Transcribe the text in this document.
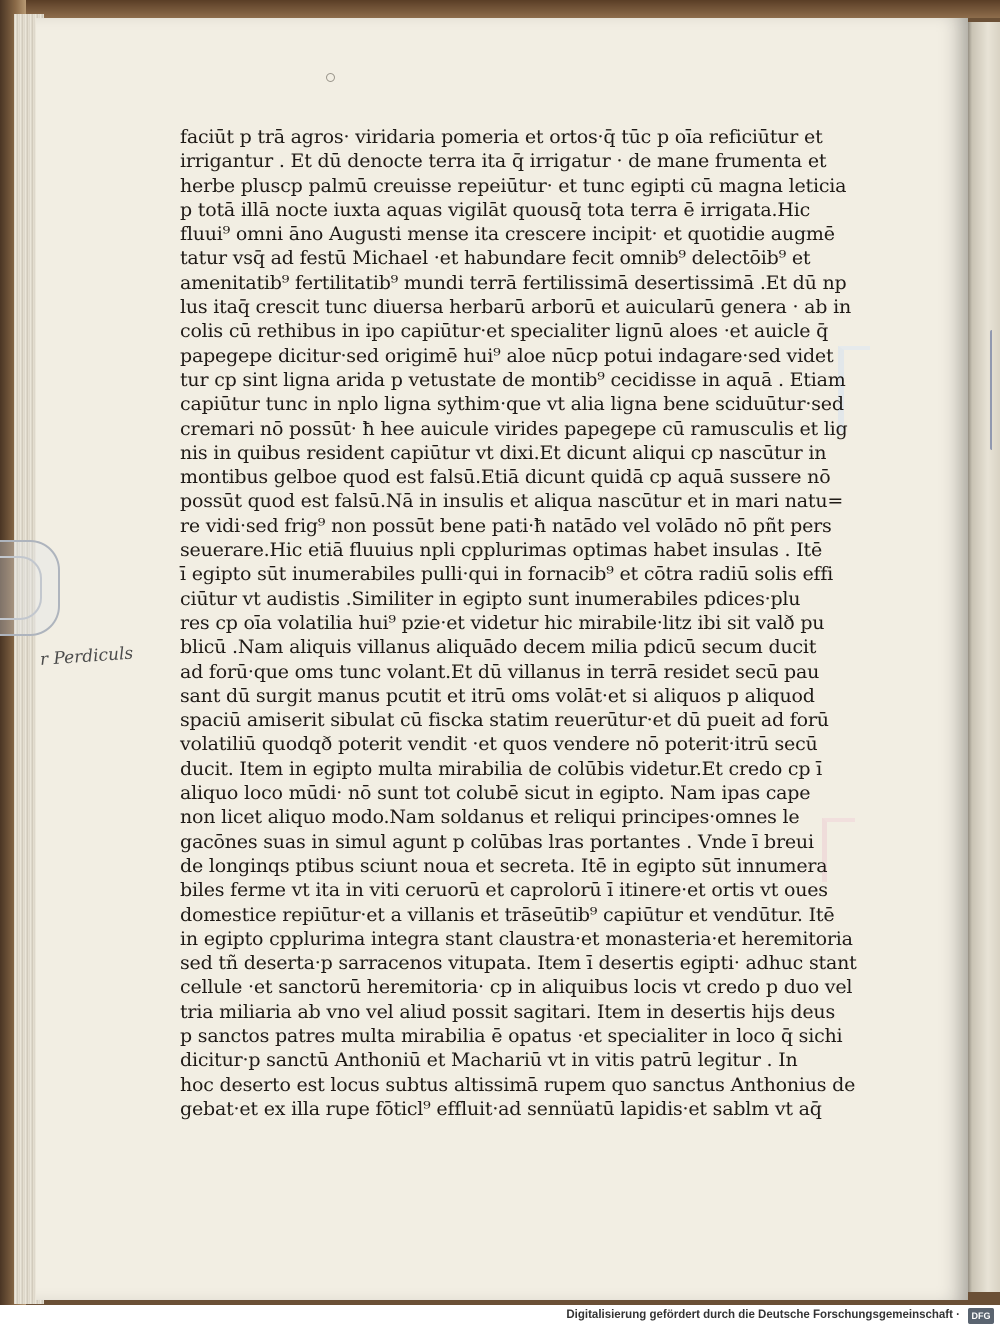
r Perdiculs
faciūt p trā agros· viridaria pomeria et ortos·q̄ tūc p oīa reficiūtur et
irrigantur . Et dū denocte terra ita q̄ irrigatur · de mane frumenta et
herbe pluscp palmū creuisse repeiūtur· et tunc egipti cū magna leticia
p totā illā nocte iuxta aquas vigilāt quousq̄ tota terra ē irrigata.Hic
fluui⁹ omni āno Augusti mense ita crescere incipit· et quotidie augmē
tatur vsq̄ ad festū Michael ·et habundare fecit omnib⁹ delectōib⁹ et
amenitatib⁹ fertilitatib⁹ mundi terrā fertilissimā desertissimā .Et dū np
lus itaq̄ crescit tunc diuersa herbarū arborū et auicularū genera · ab in
colis cū rethibus in ipo capiūtur·et specialiter lignū aloes ·et auicle q̄
papegepe dicitur·sed origimē hui⁹ aloe nūcp potui indagare·sed videt
tur cp sint ligna arida p vetustate de montib⁹ cecidisse in aquā . Etiam
capiūtur tunc in nplo ligna sythim·que vt alia ligna bene sciduūtur·sed
cremari nō possūt· ħ hee auicule virides papegepe cū ramusculis et lig
nis in quibus resident capiūtur vt dixi.Et dicunt aliqui cp nascūtur in
montibus gelboe quod est falsū.Etiā dicunt quidā cp aquā sussere nō
possūt quod est falsū.Nā in insulis et aliqua nascūtur et in mari natu=
re vidi·sed frig⁹ non possūt bene pati·ħ natādo vel volādo nō pñt pers
seuerare.Hic etiā fluuius npli cpplurimas optimas habet insulas . Itē
ī egipto sūt inumerabiles pulli·qui in fornacib⁹ et cōtra radiū solis effi
ciūtur vt audistis .Similiter in egipto sunt inumerabiles pdices·plu
res cp oīa volatilia hui⁹ pzie·et videtur hic mirabile·litz ibi sit valð pu
blicū .Nam aliquis villanus aliquādo decem milia pdicū secum ducit
ad forū·que oms tunc volant.Et dū villanus in terrā residet secū pau
sant dū surgit manus pcutit et itrū oms volāt·et si aliquos p aliquod
spaciū amiserit sibulat cū fiscka statim reuerūtur·et dū pueit ad forū
volatiliū quodqð poterit vendit ·et quos vendere nō poterit·itrū secū
ducit. Item in egipto multa mirabilia de colūbis videtur.Et credo cp ī
aliquo loco mūdi· nō sunt tot colubē sicut in egipto. Nam ipas cape
non licet aliquo modo.Nam soldanus et reliqui principes·omnes le
gacōnes suas in simul agunt p colūbas lras portantes . Vnde ī breui
de longinqs ptibus sciunt noua et secreta. Itē in egipto sūt innumera
biles ferme vt ita in viti ceruorū et caprolorū ī itinere·et ortis vt oues
domestice repiūtur·et a villanis et trāseūtib⁹ capiūtur et vendūtur. Itē
in egipto cpplurima integra stant claustra·et monasteria·et heremitoria
sed tñ deserta·p sarracenos vitupata. Item ī desertis egipti· adhuc stant
cellule ·et sanctorū heremitoria· cp in aliquibus locis vt credo p duo vel
tria miliaria ab vno vel aliud possit sagitari. Item in desertis hijs deus
p sanctos patres multa mirabilia ē opatus ·et specialiter in loco q̄ sichi
dicitur·p sanctū Anthoniū et Machariū vt in vitis patrū legitur . In
hoc deserto est locus subtus altissimā rupem quo sanctus Anthonius de
gebat·et ex illa rupe fōticl⁹ effluit·ad sennüatū lapidis·et sablm vt aq̄
Digitalisierung gefördert durch die Deutsche Forschungsgemeinschaft ·	DFG
